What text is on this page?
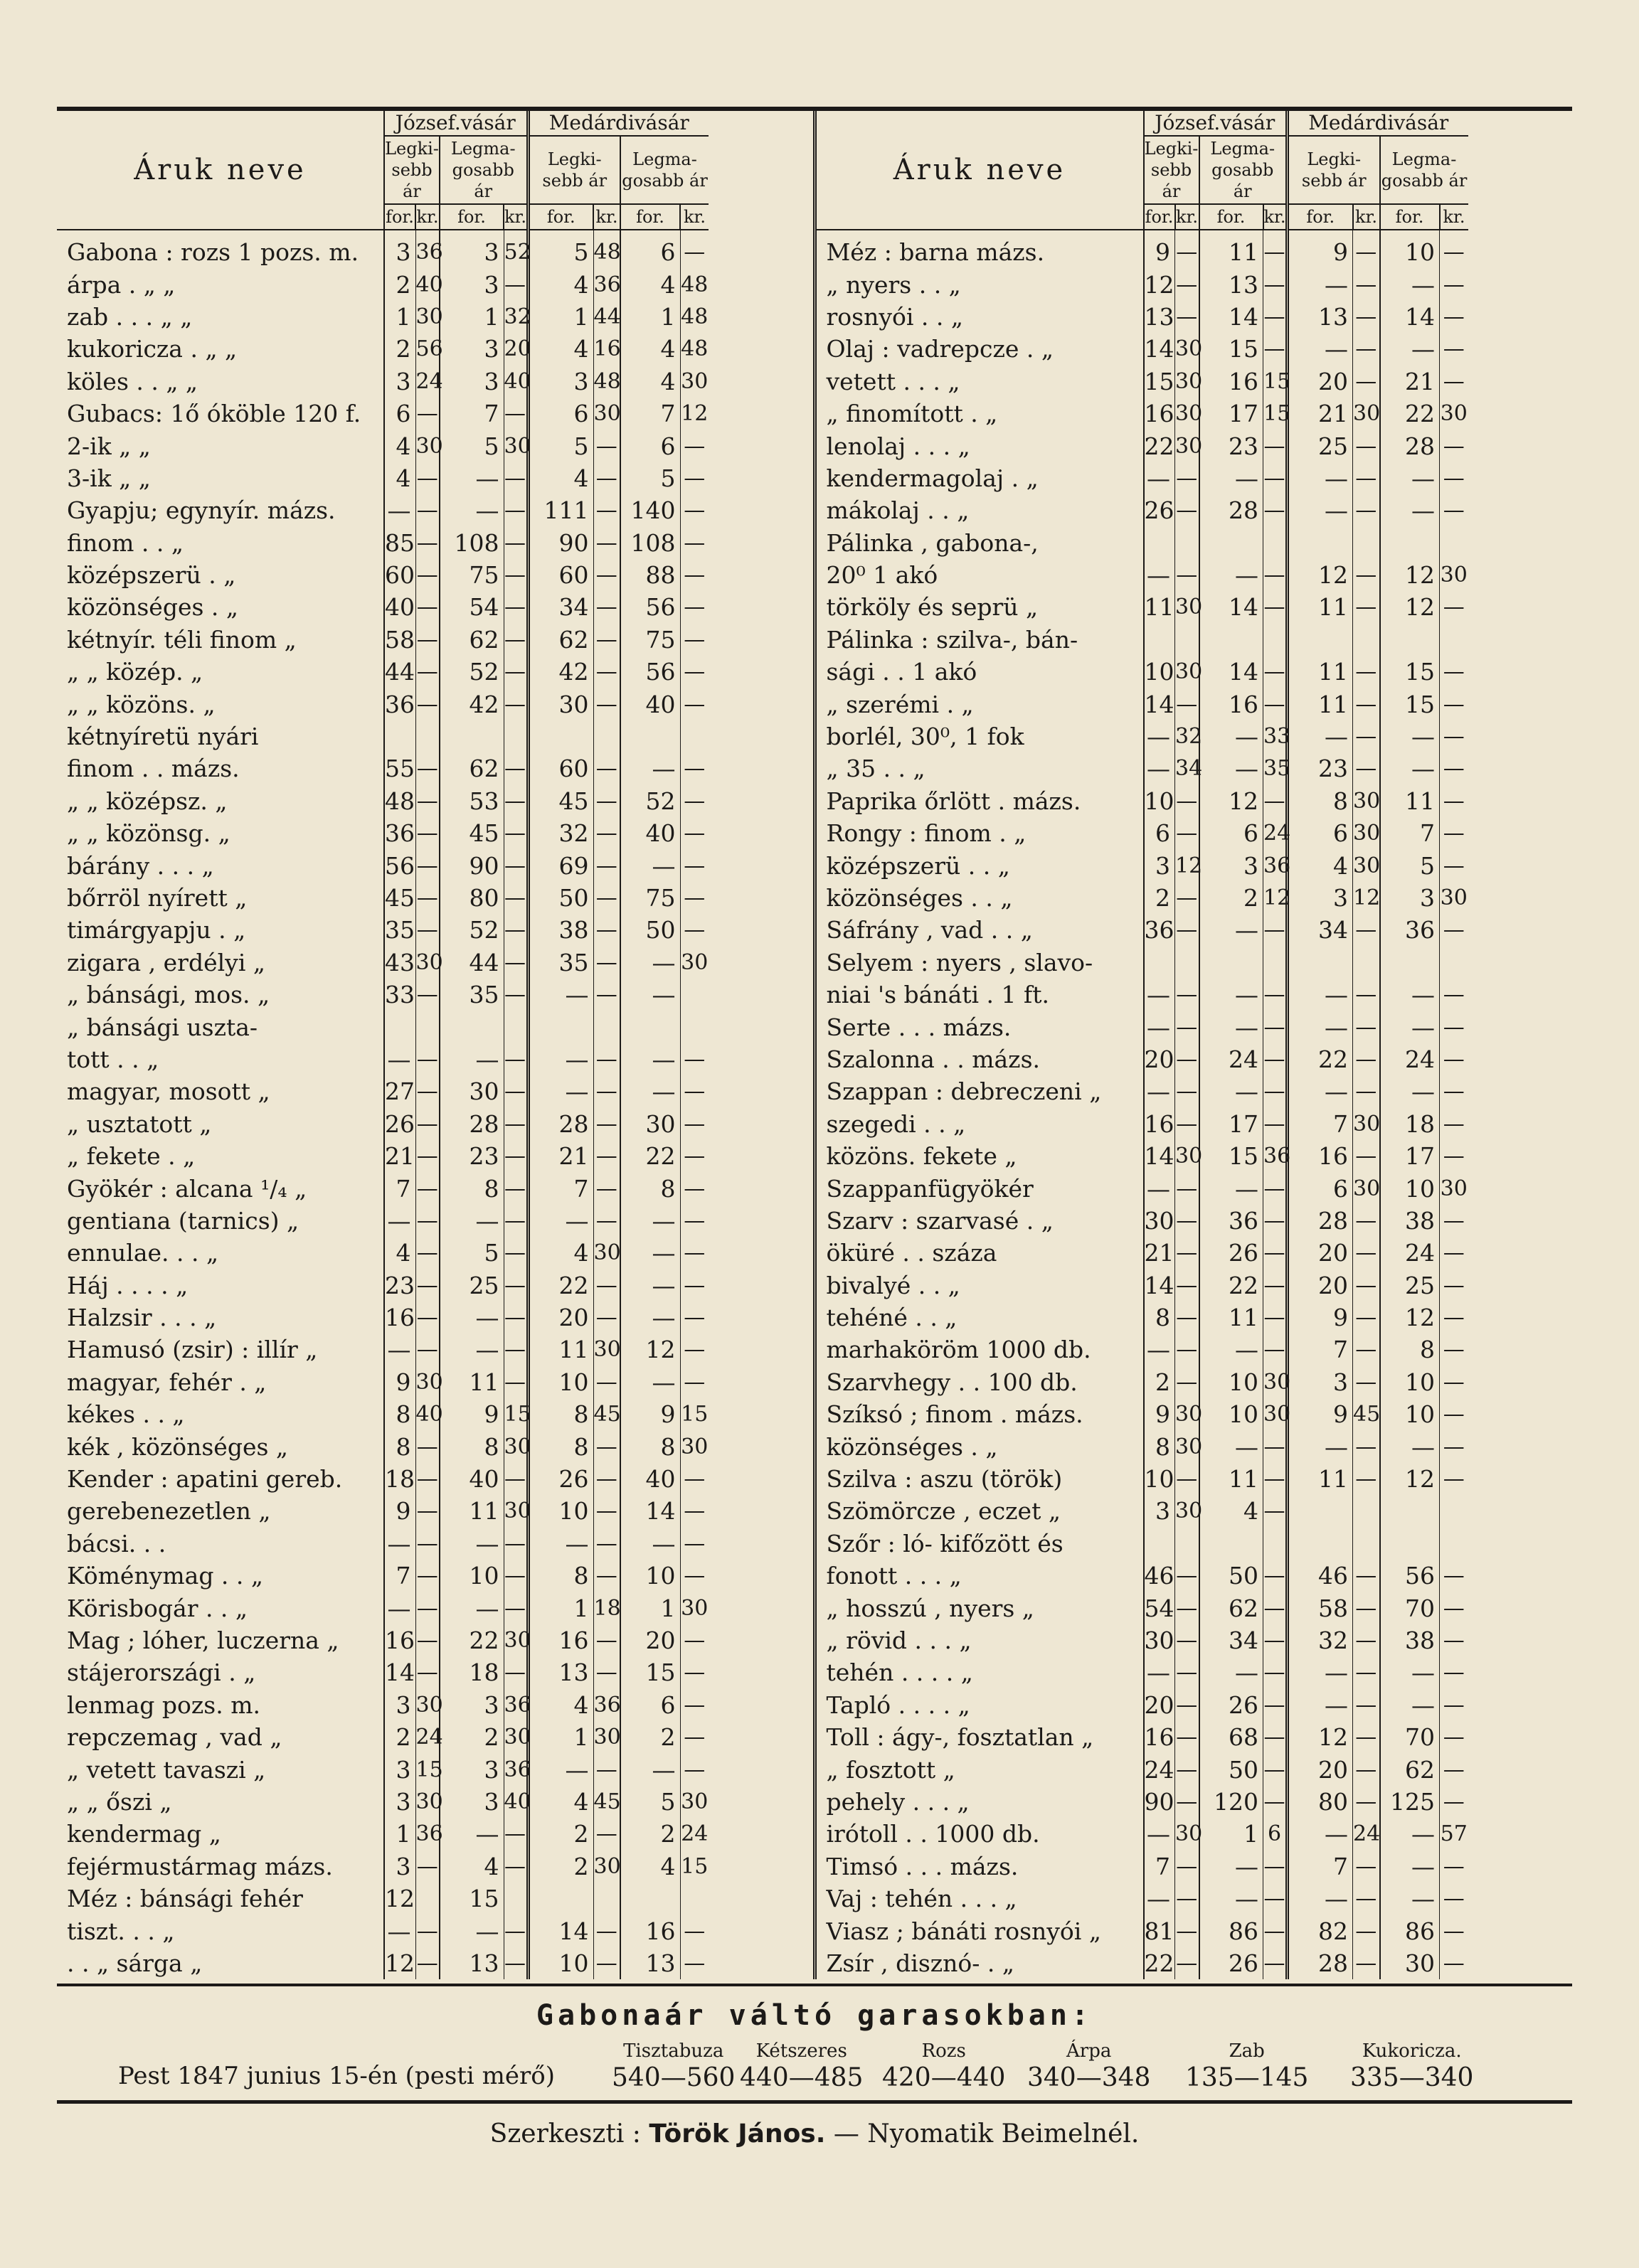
Áruk neve	József.vásár				Medárdivásár			
	Legki-sebb ár		Legma-gosabb ár		Legki-sebb ár		Legma-gosabb ár	
	for.	kr.	for.	kr.	for.	kr.	for.	kr.
Gabona : rozs 1 pozs. m.	3	36	3	52	5	48	6	—
árpa . „ „	2	40	3	—	4	36	4	48
zab . . . „ „	1	30	1	32	1	44	1	48
kukoricza . „ „	2	56	3	20	4	16	4	48
köles . . „ „	3	24	3	40	3	48	4	30
Gubacs: 1ő óköble 120 f.	6	—	7	—	6	30	7	12
2-ik „ „	4	30	5	30	5	—	6	—
3-ik „ „	4	—	—	—	4	—	5	—
Gyapju; egynyír. mázs.	—	—	—	—	111	—	140	—
finom . . „	85	—	108	—	90	—	108	—
középszerü . „	60	—	75	—	60	—	88	—
közönséges . „	40	—	54	—	34	—	56	—
kétnyír. téli finom „	58	—	62	—	62	—	75	—
„ „ közép. „	44	—	52	—	42	—	56	—
„ „ közöns. „	36	—	42	—	30	—	40	—
kétnyíretü nyári								
finom . . mázs.	55	—	62	—	60	—	—	—
„ „ középsz. „	48	—	53	—	45	—	52	—
„ „ közönsg. „	36	—	45	—	32	—	40	—
bárány . . . „	56	—	90	—	69	—	—	—
bőrröl nyírett „	45	—	80	—	50	—	75	—
timárgyapju . „	35	—	52	—	38	—	50	—
zigara , erdélyi „	43	30	44	—	35	—	—	30
„ bánsági, mos. „	33	—	35	—	—	—	—	
„ bánsági uszta-								
tott . . „	—	—	—	—	—	—	—	—
magyar, mosott „	27	—	30	—	—	—	—	—
„ usztatott „	26	—	28	—	28	—	30	—
„ fekete . „	21	—	23	—	21	—	22	—
Gyökér : alcana ¹/₄ „	7	—	8	—	7	—	8	—
gentiana (tarnics) „	—	—	—	—	—	—	—	—
ennulae. . . „	4	—	5	—	4	30	—	—
Háj . . . . „	23	—	25	—	22	—	—	—
Halzsir . . . „	16	—	—	—	20	—	—	—
Hamusó (zsir) : illír „	—	—	—	—	11	30	12	—
magyar, fehér . „	9	30	11	—	10	—	—	—
kékes . . „	8	40	9	15	8	45	9	15
kék , közönséges „	8	—	8	30	8	—	8	30
Kender : apatini gereb.	18	—	40	—	26	—	40	—
gerebenezetlen „	9	—	11	30	10	—	14	—
bácsi. . .	—	—	—	—	—	—	—	—
Köménymag . . „	7	—	10	—	8	—	10	—
Körisbogár . . „	—	—	—	—	1	18	1	30
Mag ; lóher, luczerna „	16	—	22	30	16	—	20	—
stájerországi . „	14	—	18	—	13	—	15	—
lenmag pozs. m.	3	30	3	36	4	36	6	—
repczemag , vad „	2	24	2	30	1	30	2	—
„ vetett tavaszi „	3	15	3	36	—	—	—	—
„ „ őszi „	3	30	3	40	4	45	5	30
kendermag „	1	36	—	—	2	—	2	24
fejérmustármag mázs.	3	—	4	—	2	30	4	15
Méz : bánsági fehér	12		15					
tiszt. . . „	—	—	—	—	14	—	16	—
. . „ sárga „	12	—	13	—	10	—	13	—
Áruk neve	József.vásár				Medárdivásár			
	Legki-sebb ár		Legma-gosabb ár		Legki-sebb ár		Legma-gosabb ár	
	for.	kr.	for.	kr.	for.	kr.	for.	kr.
Méz : barna mázs.	9	—	11	—	9	—	10	—
„ nyers . . „	12	—	13	—	—	—	—	—
rosnyói . . „	13	—	14	—	13	—	14	—
Olaj : vadrepcze . „	14	30	15	—	—	—	—	—
vetett . . . „	15	30	16	15	20	—	21	—
„ finomított . „	16	30	17	15	21	30	22	30
lenolaj . . . „	22	30	23	—	25	—	28	—
kendermagolaj . „	—	—	—	—	—	—	—	—
mákolaj . . „	26	—	28	—	—	—	—	—
Pálinka , gabona-,								
20⁰ 1 akó	—	—	—	—	12	—	12	30
törköly és seprü „	11	30	14	—	11	—	12	—
Pálinka : szilva-, bán-								
sági . . 1 akó	10	30	14	—	11	—	15	—
„ szerémi . „	14	—	16	—	11	—	15	—
borlél, 30⁰, 1 fok	—	32	—	33	—	—	—	—
„ 35 . . „	—	34	—	35	23	—	—	—
Paprika őrlött . mázs.	10	—	12	—	8	30	11	—
Rongy : finom . „	6	—	6	24	6	30	7	—
középszerü . . „	3	12	3	36	4	30	5	—
közönséges . . „	2	—	2	12	3	12	3	30
Sáfrány , vad . . „	36	—	—	—	34	—	36	—
Selyem : nyers , slavo-								
niai 's bánáti . 1 ft.	—	—	—	—	—	—	—	—
Serte . . . mázs.	—	—	—	—	—	—	—	—
Szalonna . . mázs.	20	—	24	—	22	—	24	—
Szappan : debreczeni „	—	—	—	—	—	—	—	—
szegedi . . „	16	—	17	—	7	30	18	—
közöns. fekete „	14	30	15	36	16	—	17	—
Szappanfügyökér	—	—	—	—	6	30	10	30
Szarv : szarvasé . „	30	—	36	—	28	—	38	—
öküré . . száza	21	—	26	—	20	—	24	—
bivalyé . . „	14	—	22	—	20	—	25	—
tehéné . . „	8	—	11	—	9	—	12	—
marhaköröm 1000 db.	—	—	—	—	7	—	8	—
Szarvhegy . . 100 db.	2	—	10	30	3	—	10	—
Szíksó ; finom . mázs.	9	30	10	30	9	45	10	—
közönséges . „	8	30	—	—	—	—	—	—
Szilva : aszu (török)	10	—	11	—	11	—	12	—
Szömörcze , eczet „	3	30	4	—				
Szőr : ló- kifőzött és								
fonott . . . „	46	—	50	—	46	—	56	—
„ hosszú , nyers „	54	—	62	—	58	—	70	—
„ rövid . . . „	30	—	34	—	32	—	38	—
tehén . . . . „	—	—	—	—	—	—	—	—
Tapló . . . . „	20	—	26	—	—	—	—	—
Toll : ágy-, fosztatlan „	16	—	68	—	12	—	70	—
„ fosztott „	24	—	50	—	20	—	62	—
pehely . . . „	90	—	120	—	80	—	125	—
irótoll . . 1000 db.	—	30	1	6	—	24	—	57
Timsó . . . mázs.	7	—	—	—	7	—	—	—
Vaj : tehén . . . „	—	—	—	—	—	—	—	—
Viasz ; bánáti rosnyói „	81	—	86	—	82	—	86	—
Zsír , disznó- . „	22	—	26	—	28	—	30	—
Gabonaár váltó garasokban:
Pest 1847 junius 15-én (pesti mérő)
Tisztabuza
540—560
Kétszeres
440—485
Rozs
420—440
Árpa
340—348
Zab
135—145
Kukoricza.
335—340
Szerkeszti : Török János. — Nyomatik Beimelnél.
